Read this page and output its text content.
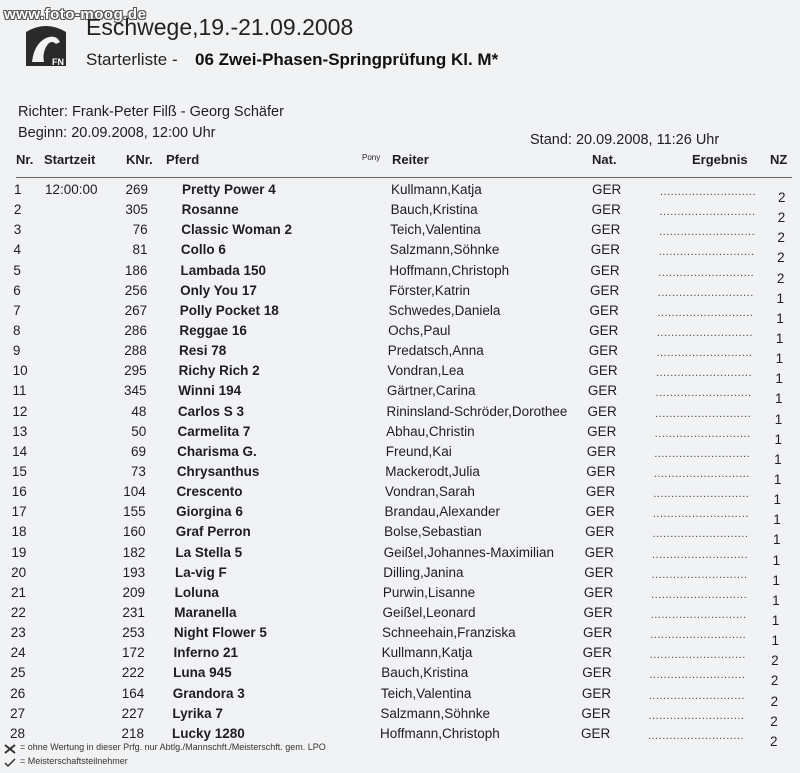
www.foto-moog.de
FN
Eschwege,19.-21.09.2008
Starterliste - 06 Zwei-Phasen-Springprüfung Kl. M*
Richter: Frank-Peter Filß - Georg Schäfer
Beginn: 20.09.2008, 12:00 Uhr	Stand: 20.09.2008, 11:26 Uhr
Nr. Startzeit KNr. Pferd	Pony Reiter	Nat.	Ergebnis NZ
1	12:00:00	269	Pretty Power 4	Kullmann,Katja	GER	........................... 2
2	305	Rosanne	Bauch,Kristina	GER	........................... 2
3	76 Classic Woman 2	Teich,Valentina	GER	........................... 2
4	81 Collo 6	Salzmann,Söhnke	GER	........................... 2
5	186 Lambada 150	Hoffmann,Christoph	GER	........................... 2
6	256 Only You 17	Förster,Katrin	GER	........................... 1
7	267 Polly Pocket 18	Schwedes,Daniela	GER	........................... 1
8	286 Reggae 16	Ochs,Paul	GER	........................... 1
9	288 Resi 78	Predatsch,Anna	GER	........................... 1
10	295 Richy Rich 2	Vondran,Lea	GER	........................... 1
11	345 Winni 194	Gärtner,Carina	GER	........................... 1
12	48 Carlos S 3	Rininsland-Schröder,Dorothee GER	........................... 1
13	50 Carmelita 7	Abhau,Christin	GER	........................... 1
14	69 Charisma G.	Freund,Kai	GER	........................... 1
15	73 Chrysanthus	Mackerodt,Julia	GER	........................... 1
16	104 Crescento	Vondran,Sarah	GER	........................... 1
17	155 Giorgina 6	Brandau,Alexander	GER	........................... 1
18	160 Graf Perron	Bolse,Sebastian	GER	........................... 1
19	182 La Stella 5	Geißel,Johannes-Maximilian GER	........................... 1
20	193 La-vig F	Dilling,Janina	GER	........................... 1
21	209 Loluna	Purwin,Lisanne	GER	........................... 1
22	231 Maranella	Geißel,Leonard	GER	........................... 1
23	253 Night Flower 5	Schneehain,Franziska	GER	........................... 1
24	172 Inferno 21	Kullmann,Katja	GER	........................... 2
25	222 Luna 945	Bauch,Kristina	GER	........................... 2
26	164 Grandora 3	Teich,Valentina	GER	........................... 2
27	227 Lyrika 7	Salzmann,Söhnke	GER	........................... 2
28	218 Lucky 1280	Hoffmann,Christoph	GER	........................... 2
= ohne Wertung in dieser Prfg. nur Abtlg./Mannschft./Meisterschft. gem. LPO
= Meisterschaftsteilnehmer
